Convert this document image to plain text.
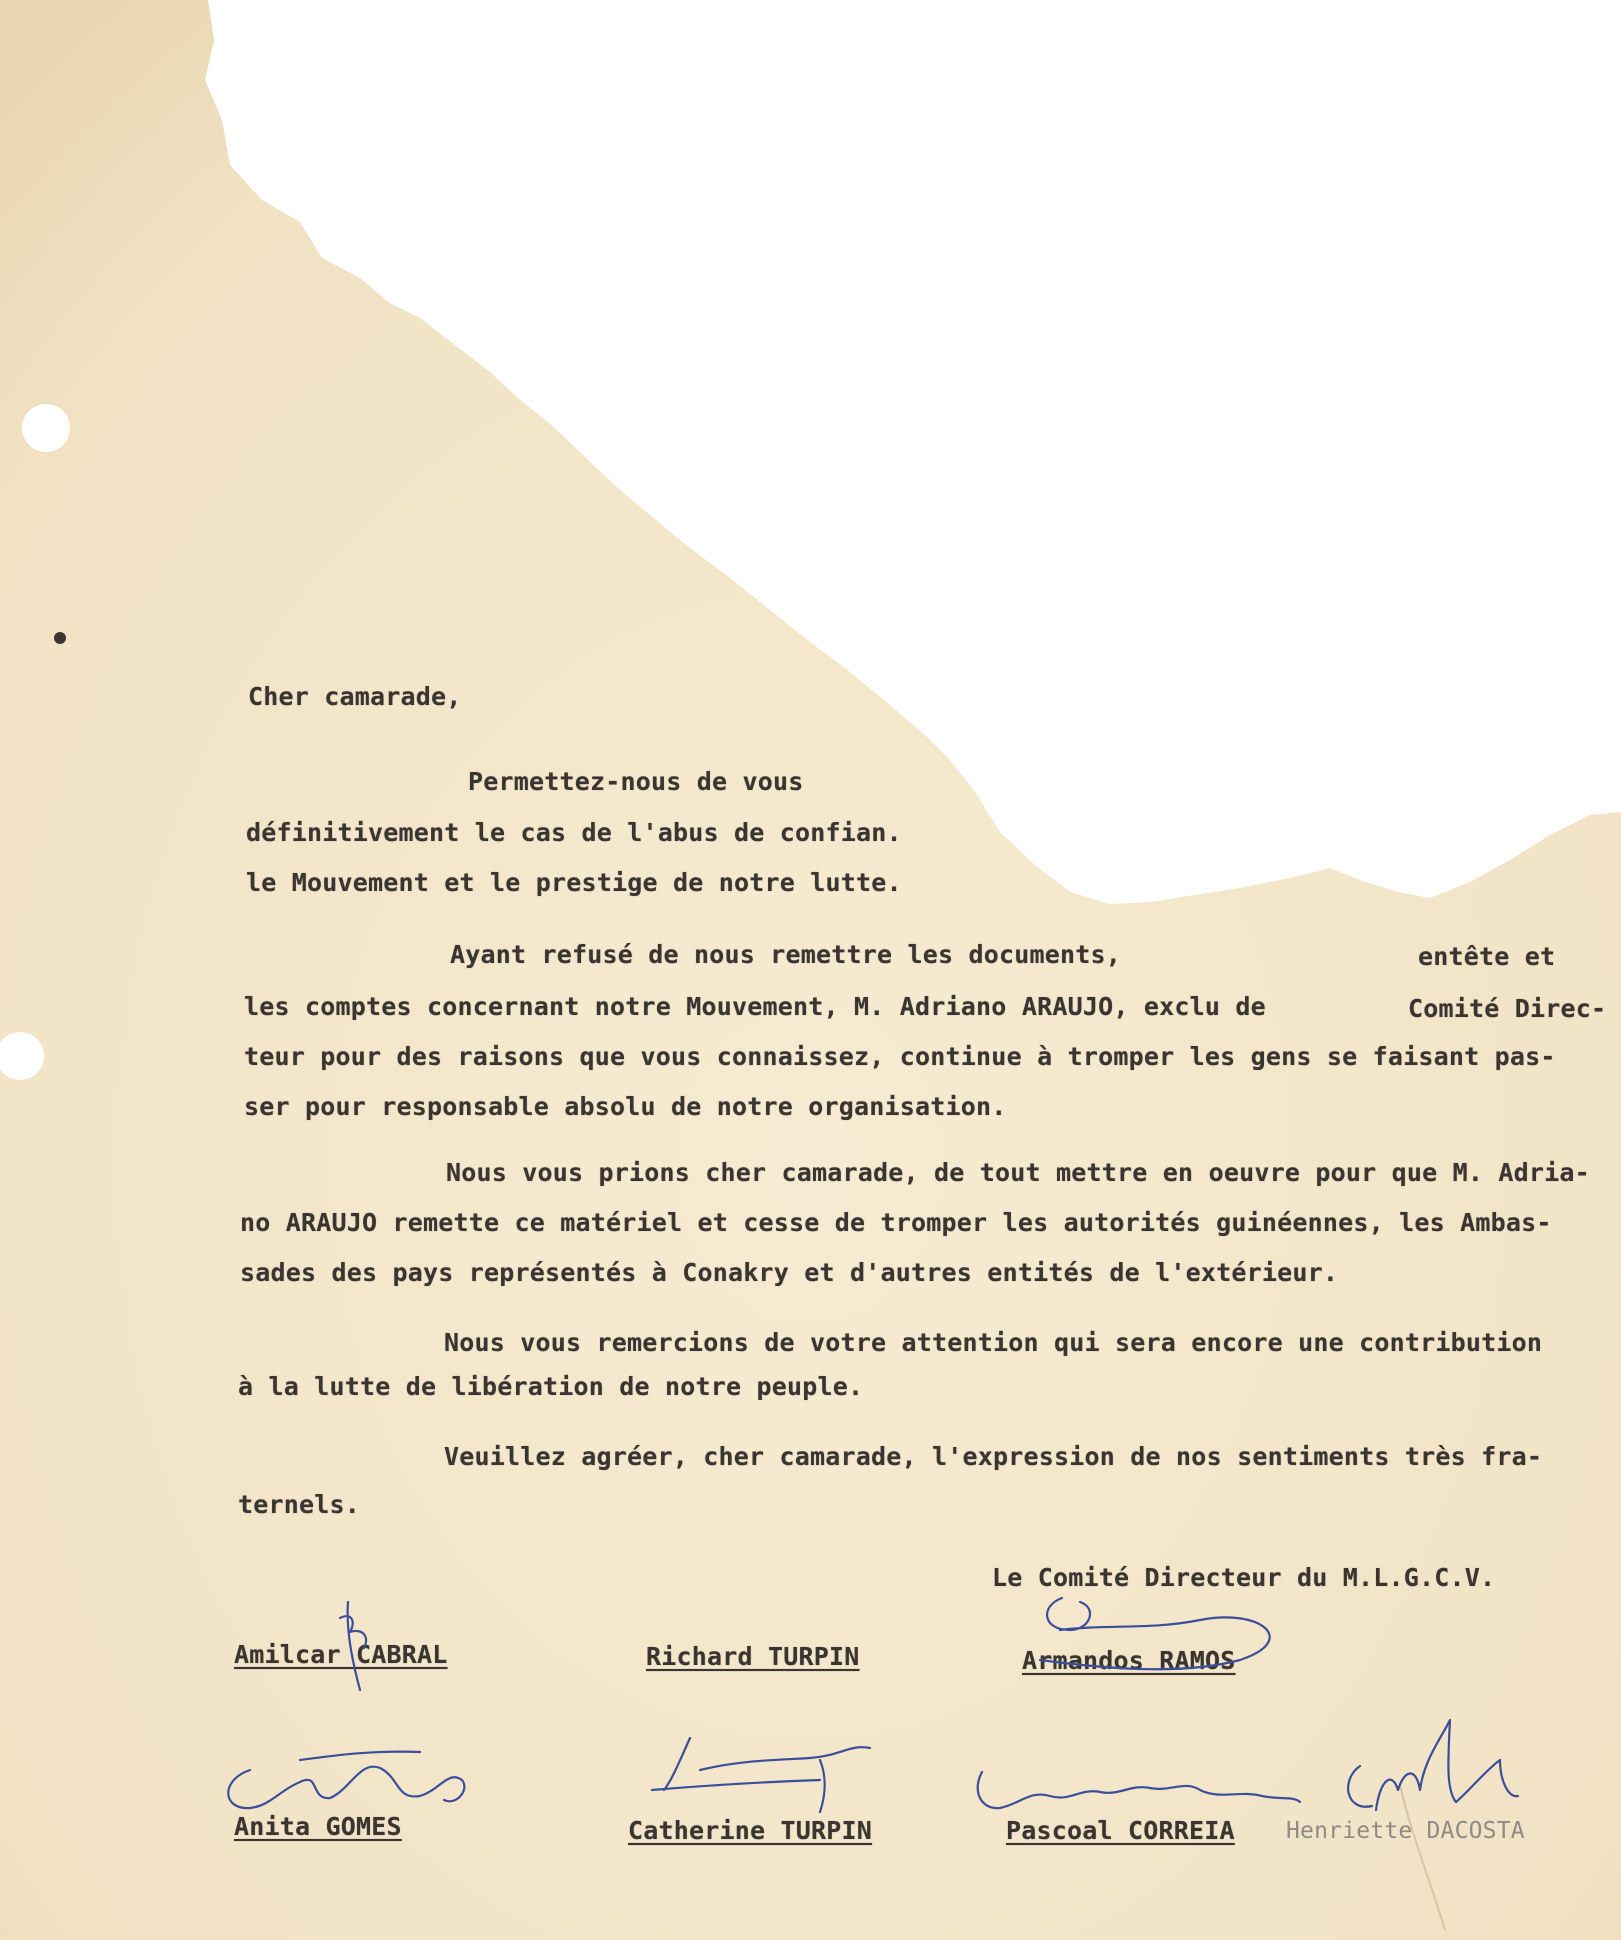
Cher camarade,
Permettez-nous de vous
définitivement le cas de l'abus de confian.
le Mouvement et le prestige de notre lutte.
Ayant refusé de nous remettre les documents,	entête et
les comptes concernant notre Mouvement, M. Adriano ARAUJO, exclu de	Comité Direc-
teur pour des raisons que vous connaissez, continue à tromper les gens se faisant pas-
ser pour responsable absolu de notre organisation.
Nous vous prions cher camarade, de tout mettre en oeuvre pour que M. Adria-
no ARAUJO remette ce matériel et cesse de tromper les autorités guinéennes, les Ambas-
sades des pays représentés à Conakry et d'autres entités de l'extérieur.
Nous vous remercions de votre attention qui sera encore une contribution
à la lutte de libération de notre peuple.
Veuillez agréer, cher camarade, l'expression de nos sentiments très fra-
ternels.
Le Comité Directeur du M.L.G.C.V.
Amilcar CABRAL	Richard TURPIN	Armandos RAMOS
Anita GOMES	Catherine TURPIN	Pascoal CORREIA Henriette DACOSTA
